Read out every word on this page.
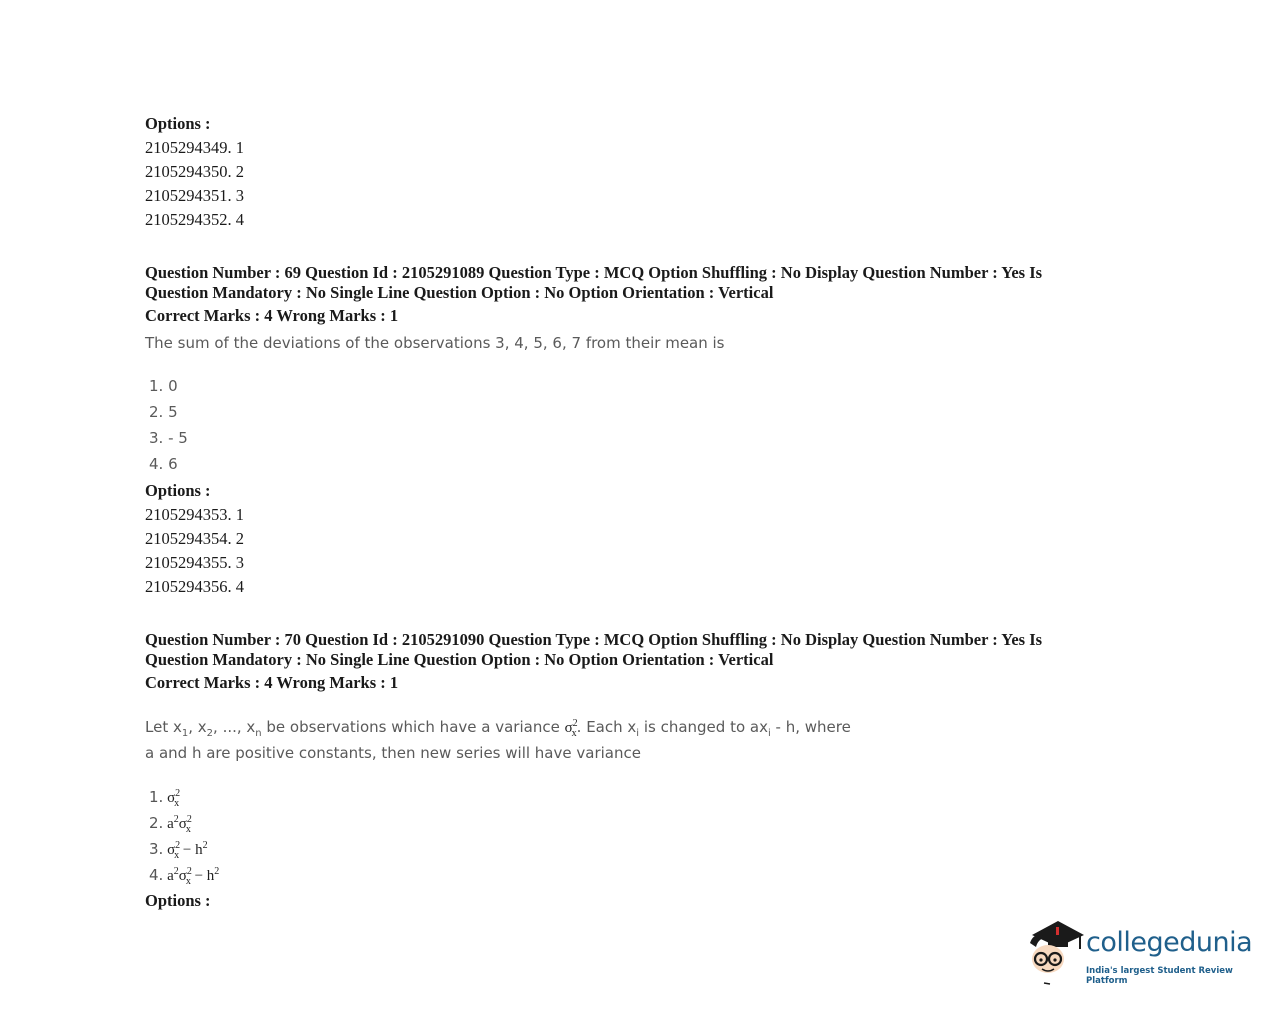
Options :
2105294349. 1
2105294350. 2
2105294351. 3
2105294352. 4
Question Number : 69 Question Id : 2105291089 Question Type : MCQ Option Shuffling : No Display Question Number : Yes Is
Question Mandatory : No Single Line Question Option : No Option Orientation : Vertical
Correct Marks : 4 Wrong Marks : 1
The sum of the deviations of the observations 3, 4, 5, 6, 7 from their mean is
1. 0
2. 5
3. - 5
4. 6
Options :
2105294353. 1
2105294354. 2
2105294355. 3
2105294356. 4
Question Number : 70 Question Id : 2105291090 Question Type : MCQ Option Shuffling : No Display Question Number : Yes Is
Question Mandatory : No Single Line Question Option : No Option Orientation : Vertical
Correct Marks : 4 Wrong Marks : 1
Let $x_1$, $x_2$, ..., $x_n$ be observations which have a variance $\sigma^2_x$. Each $x_i$ is changed to $ax_i$ - h, where
a and h are positive constants, then new series will have variance
1. $\sigma^2_x$
2. $a^2\sigma^2_x$
3. $\sigma^2_x - h^2$
4. $a^2\sigma^2_x - h^2$
Options :
collegedunia
India's largest Student Review Platform
